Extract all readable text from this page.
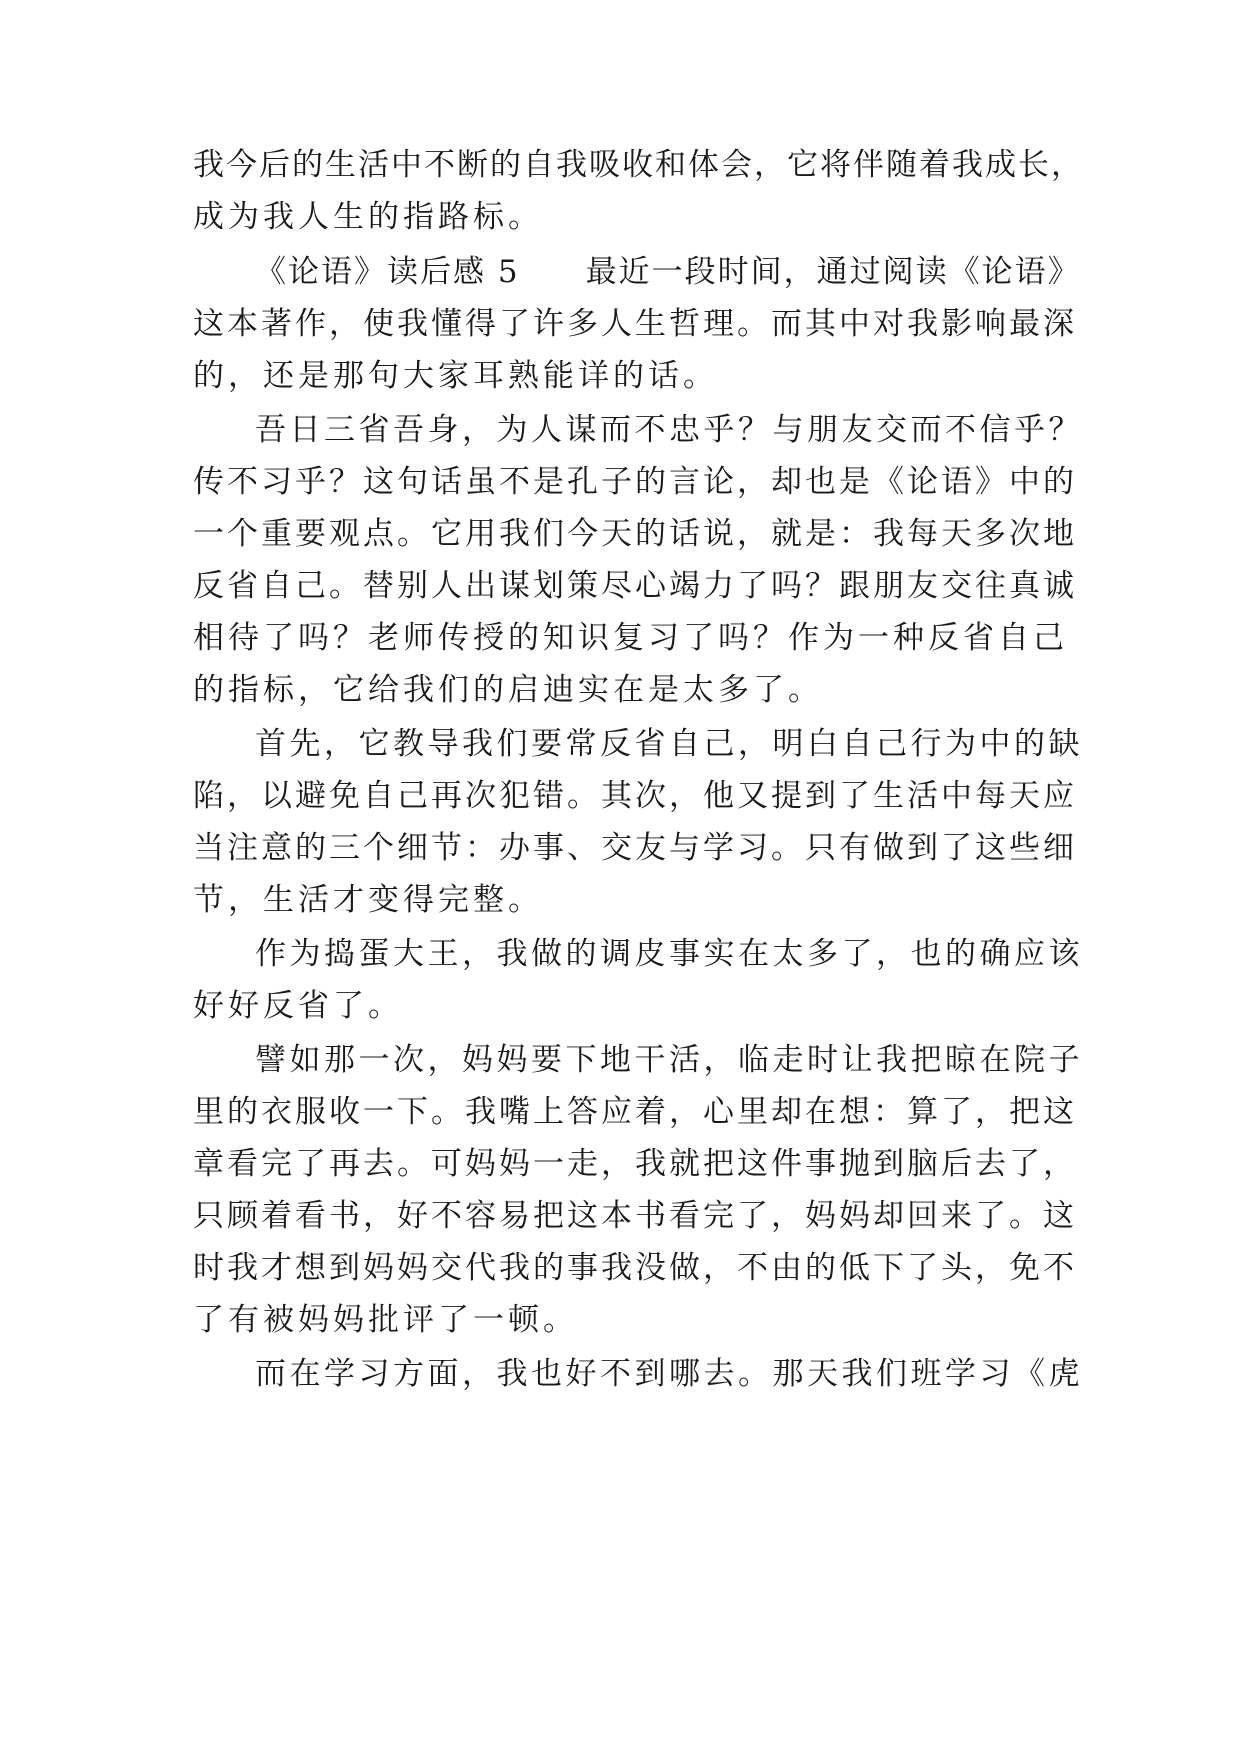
我今后的生活中不断的自我吸收和体会，它将伴随着我成长，
成为我人生的指路标。
《论语》读后感 5　　最近一段时间，通过阅读《论语》
这本著作，使我懂得了许多人生哲理。而其中对我影响最深
的，还是那句大家耳熟能详的话。
吾日三省吾身，为人谋而不忠乎？与朋友交而不信乎？
传不习乎？这句话虽不是孔子的言论，却也是《论语》中的
一个重要观点。它用我们今天的话说，就是：我每天多次地
反省自己。替别人出谋划策尽心竭力了吗？跟朋友交往真诚
相待了吗？老师传授的知识复习了吗？作为一种反省自己
的指标，它给我们的启迪实在是太多了。
首先，它教导我们要常反省自己，明白自己行为中的缺
陷，以避免自己再次犯错。其次，他又提到了生活中每天应
当注意的三个细节：办事、交友与学习。只有做到了这些细
节，生活才变得完整。
作为捣蛋大王，我做的调皮事实在太多了，也的确应该
好好反省了。
譬如那一次，妈妈要下地干活，临走时让我把晾在院子
里的衣服收一下。我嘴上答应着，心里却在想：算了，把这
章看完了再去。可妈妈一走，我就把这件事抛到脑后去了，
只顾着看书，好不容易把这本书看完了，妈妈却回来了。这
时我才想到妈妈交代我的事我没做，不由的低下了头，免不
了有被妈妈批评了一顿。
而在学习方面，我也好不到哪去。那天我们班学习《虎
